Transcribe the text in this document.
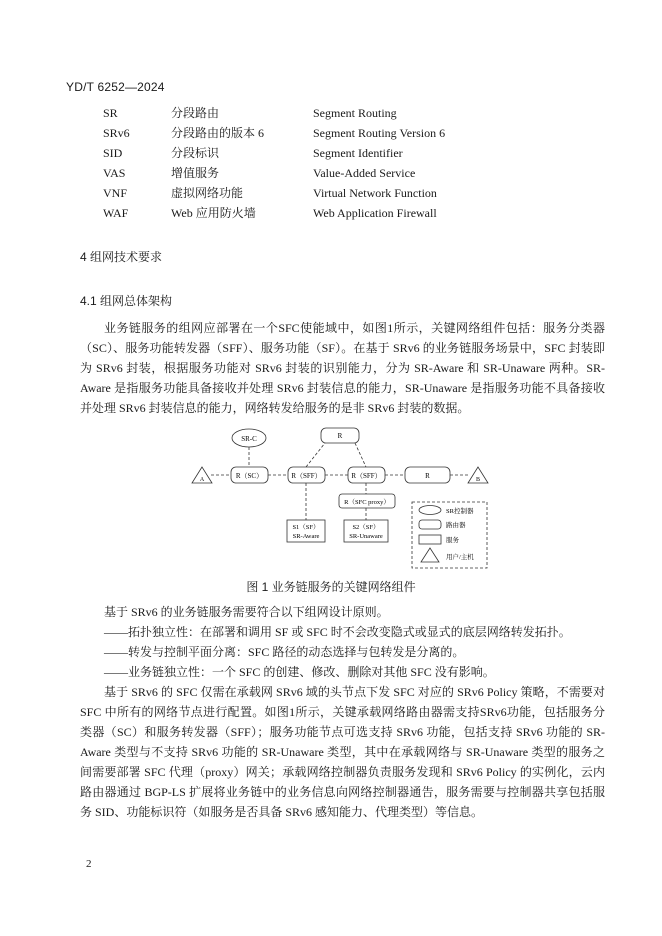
YD/T 6252—2024
SR	分段路由	Segment Routing
SRv6	分段路由的版本 6	Segment Routing Version 6
SID	分段标识	Segment Identifier
VAS	增值服务	Value-Added Service
VNF	虚拟网络功能	Virtual Network Function
WAF	Web 应用防火墙	Web Application Firewall
4 组网技术要求
4.1 组网总体架构

业务链服务的组网应部署在一个SFC使能域中，如图1所示，关键网络组件包括：服务分类器（SC）、服务功能转发器（SFF）、服务功能（SF）。在基于 SRv6 的业务链服务场景中，SFC 封装即为 SRv6 封装，根据服务功能对 SRv6 封装的识别能力，分为 SR-Aware 和 SR-Unaware 两种。SR-Aware 是指服务功能具备接收并处理 SRv6 封装信息的能力，SR-Unaware 是指服务功能不具备接收并处理 SRv6 封装信息的能力，网络转发给服务的是非 SRv6 封装的数据。

SR-C	R
A	R（SC）	R（SFF）	R（SFF）	R	B
R（SFC proxy）
S1（SF）
SR-Aware
S2（SF）
SR-Unaware
SR控制器
路由器
服务
用户/主机
图 1 业务链服务的关键网络组件

基于 SRv6 的业务链服务需要符合以下组网设计原则。

——拓扑独立性：在部署和调用 SF 或 SFC 时不会改变隐式或显式的底层网络转发拓扑。

——转发与控制平面分离：SFC 路径的动态选择与包转发是分离的。

——业务链独立性：一个 SFC 的创建、修改、删除对其他 SFC 没有影响。

基于 SRv6 的 SFC 仅需在承载网 SRv6 域的头节点下发 SFC 对应的 SRv6 Policy 策略，不需要对 SFC 中所有的网络节点进行配置。如图1所示，关键承载网络路由器需支持SRv6功能，包括服务分类器（SC）和服务转发器（SFF）；服务功能节点可选支持 SRv6 功能，包括支持 SRv6 功能的 SR-Aware 类型与不支持 SRv6 功能的 SR-Unaware 类型，其中在承载网络与 SR-Unaware 类型的服务之间需要部署 SFC 代理（proxy）网关；承载网络控制器负责服务发现和 SRv6 Policy 的实例化，云内路由器通过 BGP-LS 扩展将业务链中的业务信息向网络控制器通告，服务需要与控制器共享包括服务 SID、功能标识符（如服务是否具备 SRv6 感知能力、代理类型）等信息。

2
